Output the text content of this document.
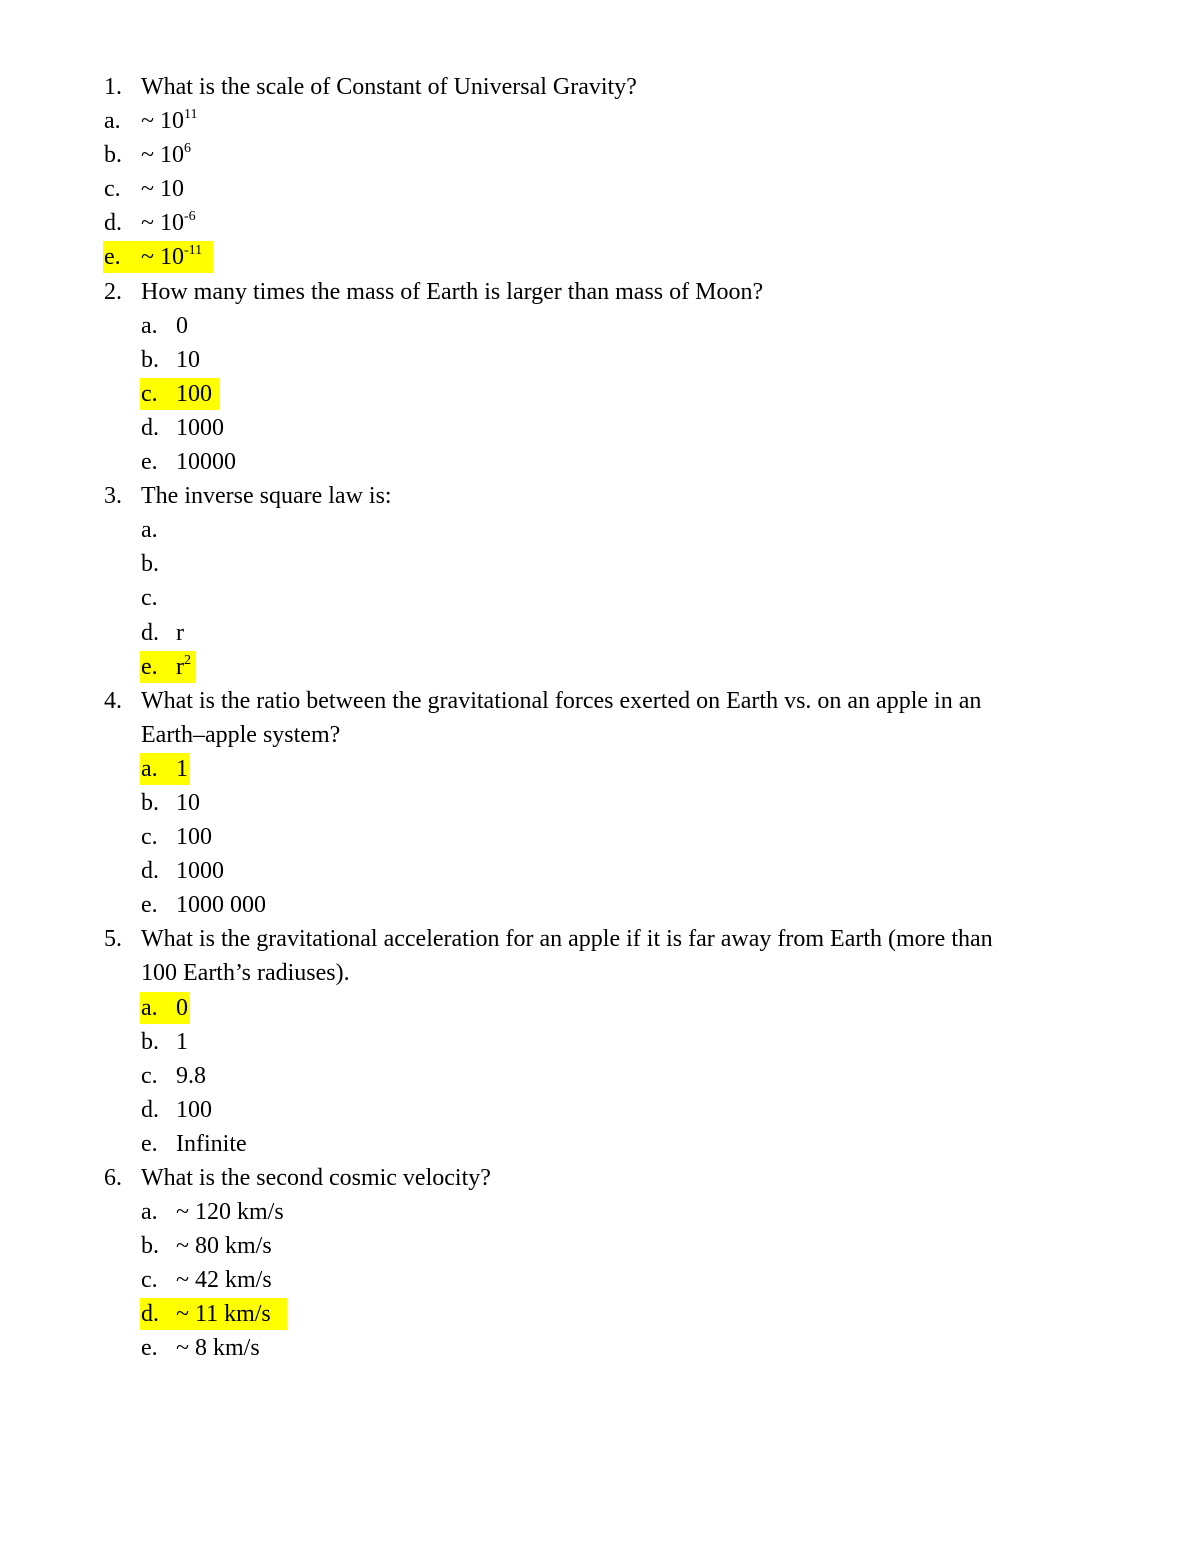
1. What is the scale of Constant of Universal Gravity?
a. ~ $10^{11}$
b. ~ $10^6$
c. ~ 10
d. ~ $10^{-6}$
e. ~ $10^{-11}$
2. How many times the mass of Earth is larger than mass of Moon?
a. 0
b. 10
c. 100
d. 1000
e. 10000
3. The inverse square law is:
a.
b.
c.
d. r
e. $r^2$
4. What is the ratio between the gravitational forces exerted on Earth vs. on an apple in an
Earth–apple system?
a. 1
b. 10
c. 100
d. 1000
e. 1000 000
5. What is the gravitational acceleration for an apple if it is far away from Earth (more than
100 Earth’s radiuses).
a. 0
b. 1
c. 9.8
d. 100
e. Infinite
6. What is the second cosmic velocity?
a. ~ 120 km/s
b. ~ 80 km/s
c. ~ 42 km/s
d. ~ 11 km/s
e. ~ 8 km/s
